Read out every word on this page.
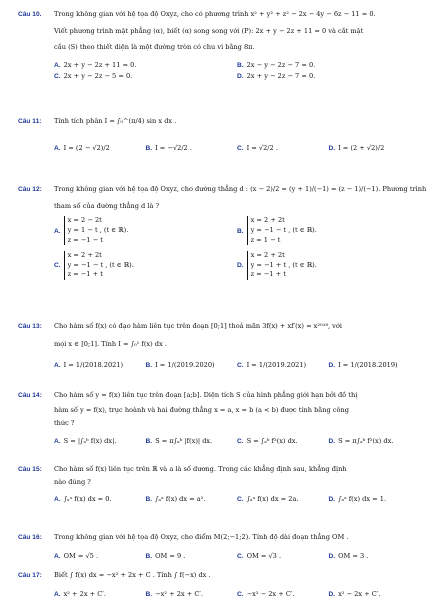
Câu 10. Trong không gian với hệ tọa độ Oxyz, cho có phương trình x² + y² + z² − 2x − 4y − 6z − 11 = 0.
Viết phương trình mặt phẳng (α), biết (α) song song với (P): 2x + y − 2z + 11 = 0 và cắt mặt
cầu (S) theo thiết diện là một đường tròn có chu vi bằng 8π.
A. 2x + y − 2z + 11 = 0.	B. 2x − y − 2z − 7 = 0.
C. 2x + y − 2z − 5 = 0.	D. 2x + y − 2z − 7 = 0.
Câu 11: Tính tích phân I = ∫₀^(π/4) sin x dx .
A. I = (2 − √2)/2	B. I = −√2/2 .	C. I = √2/2 .	D. I = (2 + √2)/2
Câu 12: Trong không gian với hệ tọa độ Oxyz, cho đường thẳng d : (x − 2)/2 = (y + 1)/(−1) = (z − 1)/(−1). Phương trình
tham số của đường thẳng d là ?
A.
x = 2 − 2t
y = 1 − t , (t ∈ ℝ).
z = −1 − t
B.
x = 2 + 2t
y = −1 − t , (t ∈ ℝ).
z = 1 − t
C.
x = 2 + 2t
y = −1 − t , (t ∈ ℝ).
z = −1 + t
D.
x = 2 + 2t
y = −1 + t , (t ∈ ℝ).
z = −1 + t
Câu 13: Cho hàm số f(x) có đạo hàm liên tục trên đoạn [0;1] thoả mãn 3f(x) + xf′(x) = x²⁰¹⁸, với
mọi x ∈ [0;1]. Tính I = ∫₀¹ f(x) dx .
A. I = 1/(2018.2021)	B. I = 1/(2019.2020)	C. I = 1/(2019.2021)	D. I = 1/(2018.2019)
Câu 14: Cho hàm số y = f(x) liên tục trên đoạn [a;b]. Diện tích S của hình phẳng giới hạn bởi đồ thị
hàm số y = f(x), trục hoành và hai đường thẳng x = a, x = b (a < b) được tính bằng công
thức ?
A. S = |∫ₐᵇ f(x) dx|.	B. S = π∫ₐᵇ |f(x)| dx.	C. S = ∫ₐᵇ f²(x) dx.	D. S = π∫ₐᵇ f²(x) dx.
Câu 15: Cho hàm số f(x) liên tục trên ℝ và a là số dương. Trong các khẳng định sau, khẳng định
nào đúng ?
A. ∫ₐᵃ f(x) dx = 0.	B. ∫ₐᵃ f(x) dx = a².	C. ∫ₐᵃ f(x) dx = 2a.	D. ∫ₐᵃ f(x) dx = 1.
Câu 16: Trong không gian với hệ tọa độ Oxyz, cho điểm M(2;−1;2). Tính độ dài đoạn thẳng OM .
A. OM = √5 .	B. OM = 9 .	C. OM = √3 .	D. OM = 3 .
Câu 17: Biết ∫ f(x) dx = −x² + 2x + C . Tính ∫ f(−x) dx .
A. x² + 2x + C′.	B. −x² + 2x + C′.	C. −x² − 2x + C′.	D. x² − 2x + C′.
